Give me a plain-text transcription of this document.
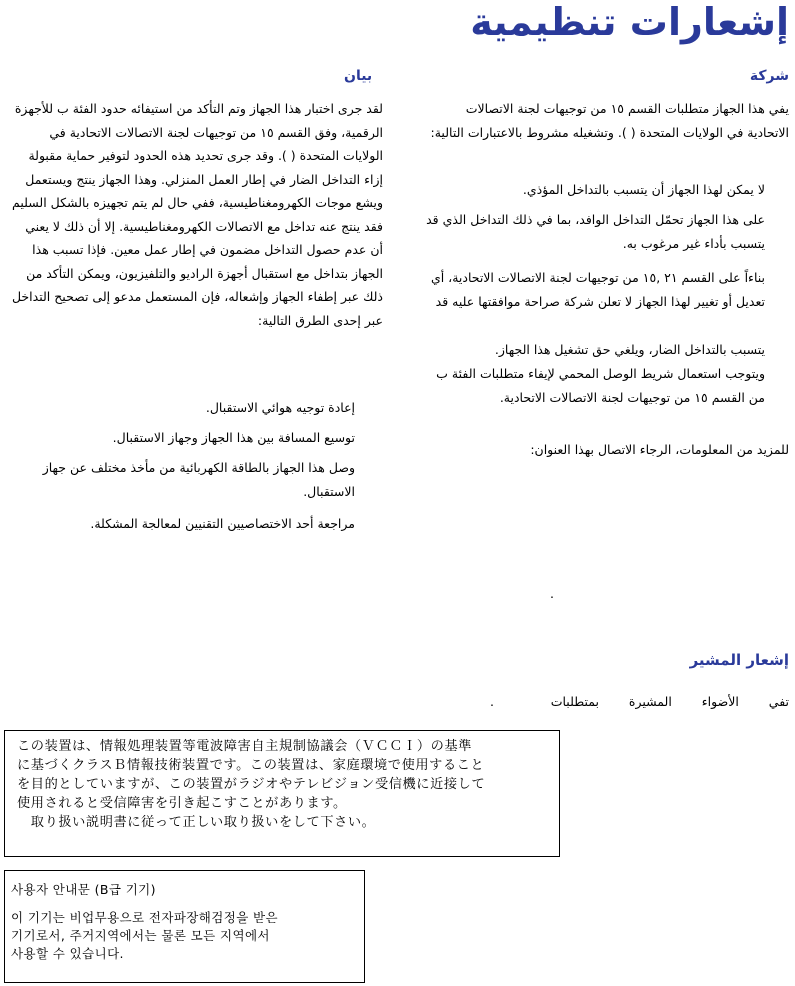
إشعارات تنظيمية
شركة
يفي هذا الجهاز متطلبات القسم ١٥ من توجيهات لجنة الاتصالات الاتحادية في الولايات المتحدة ( ). وتشغيله مشروط بالاعتبارات التالية:
لا يمكن لهذا الجهاز أن يتسبب بالتداخل المؤذي.
على هذا الجهاز تحمّل التداخل الوافد، بما في ذلك التداخل الذي قد يتسبب بأداء غير مرغوب به.
بناءاً على القسم ٢١ ,١٥ من توجيهات لجنة الاتصالات الاتحادية، أي تعديل أو تغيير لهذا الجهاز لا تعلن شركة صراحة موافقتها عليه قد
يتسبب بالتداخل الضار، ويلغي حق تشغيل هذا الجهاز.
ويتوجب استعمال شريط الوصل المحمي لإيفاء متطلبات الفئة ب من القسم ١٥ من توجيهات لجنة الاتصالات الاتحادية.
للمزيد من المعلومات، الرجاء الاتصال بهذا العنوان:
.
بيان
لقد جرى اختبار هذا الجهاز وتم التأكد من استيفائه حدود الفئة ب للأجهزة الرقمية، وفق القسم ١٥ من توجيهات لجنة الاتصالات الاتحادية في الولايات المتحدة ( ). وقد جرى تحديد هذه الحدود لتوفير حماية مقبولة إزاء التداخل الضار في إطار العمل المنزلي. وهذا الجهاز ينتج ويستعمل ويشع موجات الكهرومغناطيسية، ففي حال لم يتم تجهيزه بالشكل السليم فقد ينتج عنه تداخل مع الاتصالات الكهرومغناطيسية. إلا أن ذلك لا يعني أن عدم حصول التداخل مضمون في إطار عمل معين. فإذا تسبب هذا الجهاز بتداخل مع استقبال أجهزة الراديو والتلفيزيون، ويمكن التأكد من ذلك عبر إطفاء الجهاز وإشعاله، فإن المستعمل مدعو إلى تصحيح التداخل عبر إحدى الطرق التالية:
إعادة توجيه هوائي الاستقبال.
توسيع المسافة بين هذا الجهاز وجهاز الاستقبال.
وصل هذا الجهاز بالطاقة الكهربائية من مأخذ مختلف عن جهاز الاستقبال.
مراجعة أحد الاختصاصيين التقنيين لمعالجة المشكلة.
إشعار المشير
تفي الأضواء المشيرة بمتطلبات
.
この装置は、情報処理装置等電波障害自主規制協議会（ＶＣＣＩ）の基準
に基づくクラスＢ情報技術装置です。この装置は、家庭環境で使用すること
を目的としていますが、この装置がラジオやテレビジョン受信機に近接して
使用されると受信障害を引き起こすことがあります。
　取り扱い説明書に従って正しい取り扱いをして下さい。
사용자 안내문 (B급 기기)
이 기기는 비업무용으로 전자파장해검정을 받은
기기로서, 주거지역에서는 물론 모든 지역에서
사용할 수 있습니다.
